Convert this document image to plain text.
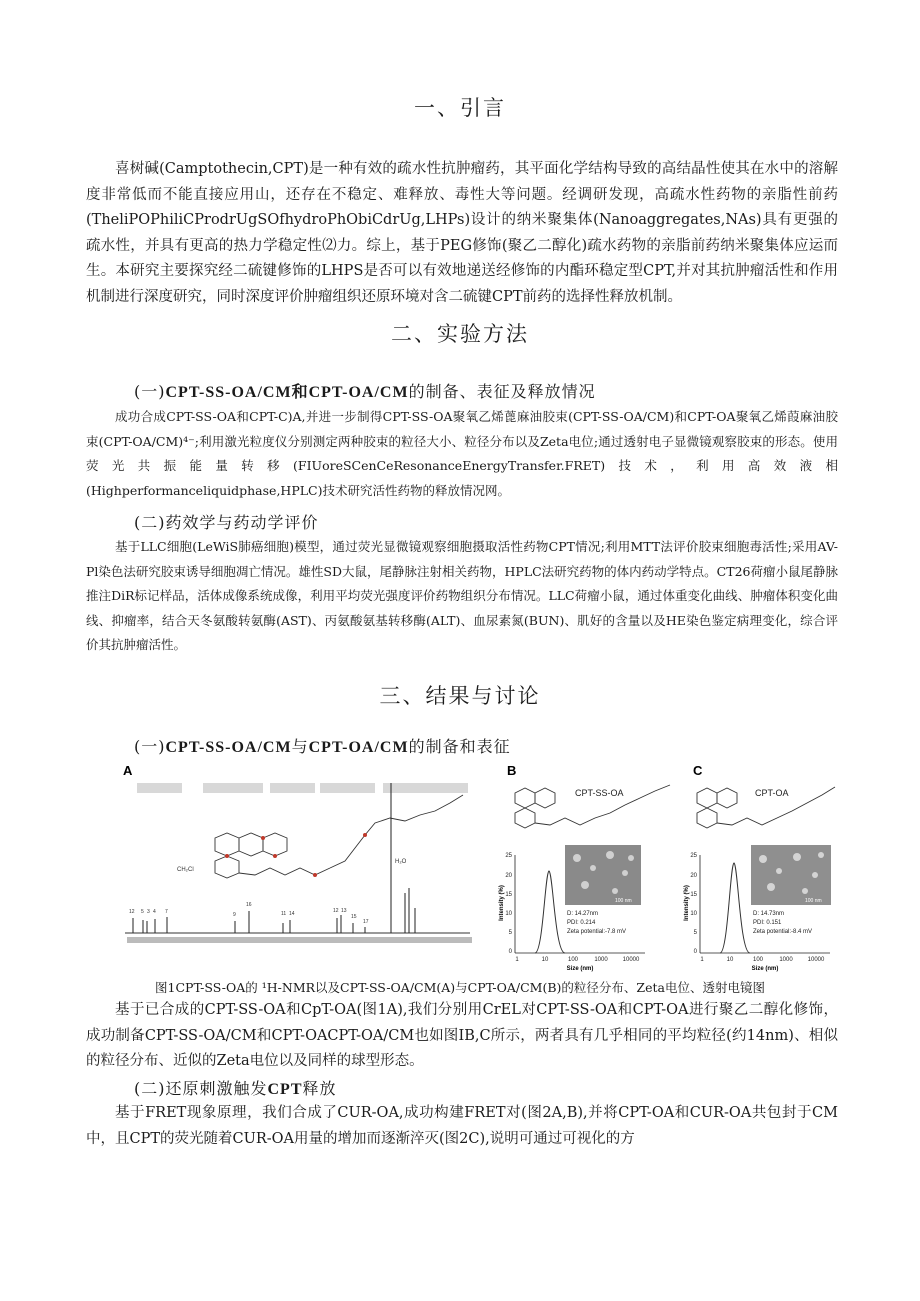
一、引言
喜树碱(Camptothecin,CPT)是一种有效的疏水性抗肿瘤药，其平面化学结构导致的高结晶性使其在水中的溶解度非常低而不能直接应用山，还存在不稳定、难释放、毒性大等问题。经调研发现，高疏水性药物的亲脂性前药(TheliPOPhiliCProdrUgSOfhydroPhObiCdrUg,LHPs)设计的纳米聚集体(Nanoaggregates,NAs)具有更强的疏水性，并具有更高的热力学稳定性⑵力。综上，基于PEG修饰(聚乙二醇化)疏水药物的亲脂前药纳米聚集体应运而生。本研究主要探究经二硫键修饰的LHPS是否可以有效地递送经修饰的内酯环稳定型CPT,并对其抗肿瘤活性和作用机制进行深度研究，同时深度评价肿瘤组织还原环境对含二硫键CPT前药的选择性释放机制。
二、实验方法
(一)CPT-SS-OA/CM和CPT-OA/CM的制备、表征及释放情况
成功合成CPT-SS-OA和CPT-C)A,并进一步制得CPT-SS-OA聚氧乙烯蓖麻油胶束(CPT-SS-OA/CM)和CPT-OA聚氧乙烯葭麻油胶束(CPT-OA/CM)⁴⁻;利用激光粒度仪分别测定两种胶束的粒径大小、粒径分布以及Zeta电位;通过透射电子显微镜观察胶束的形态。使用荧光共振能量转移(FIUoreSCenCeResonanceEnergyTransfer.FRET)技术，利用高效液相(Highperformanceliquidphase,HPLC)技术研究活性药物的释放情况网。
(二)药效学与药动学评价
基于LLC细胞(LeWiS肺癌细胞)模型，通过荧光显微镜观察细胞摄取活性药物CPT情况;利用MTT法评价胶束细胞毒活性;采用AV-Pl染色法研究胶束诱导细胞凋亡情况。雄性SD大鼠，尾静脉注射相关药物，HPLC法研究药物的体内药动学特点。CT26荷瘤小鼠尾静脉推注DiR标记样品，活体成像系统成像，利用平均荧光强度评价药物组织分布情况。LLC荷瘤小鼠，通过体重变化曲线、肿瘤体积变化曲线、抑瘤率，结合天冬氨酸转氨酶(AST)、丙氨酸氨基转移酶(ALT)、血尿素氮(BUN)、肌好的含量以及HE染色鉴定病理变化，综合评价其抗肿瘤活性。
三、结果与讨论
(一)CPT-SS-OA/CM与CPT-OA/CM的制备和表征
A
CH₂Cl
H₂O
12 5 3 4 7	9
16
11 14	12 13
15
17
B
CPT-SS-OA
25
20
15
10
5
0
1	10	100	1000 10000
Size (nm)
Intensity (%)	100 nm
D: 14.27nm
PDI: 0.214
Zeta potential:-7.8 mV
C
CPT-OA
25
20
15
10
5
0
1	10	100	1000 10000
Size (nm)
Intensity (%)	100 nm
D: 14.73nm
PDI: 0.151
Zeta potential:-8.4 mV
图1CPT-SS-OA的 ¹H-NMR以及CPT-SS-OA/CM(A)与CPT-OA/CM(B)的粒径分布、Zeta电位、透射电镜图
基于已合成的CPT-SS-OA和CpT-OA(图1A),我们分别用CrEL对CPT-SS-OA和CPT-OA进行聚乙二醇化修饰，成功制备CPT-SS-OA/CM和CPT-OACPT-OA/CM也如图IB,C所示，两者具有几乎相同的平均粒径(约14nm)、相似的粒径分布、近似的Zeta电位以及同样的球型形态。
(二)还原刺激触发CPT释放
基于FRET现象原理，我们合成了CUR-OA,成功构建FRET对(图2A,B),并将CPT-OA和CUR-OA共包封于CM中，且CPT的荧光随着CUR-OA用量的增加而逐渐淬灭(图2C),说明可通过可视化的方
